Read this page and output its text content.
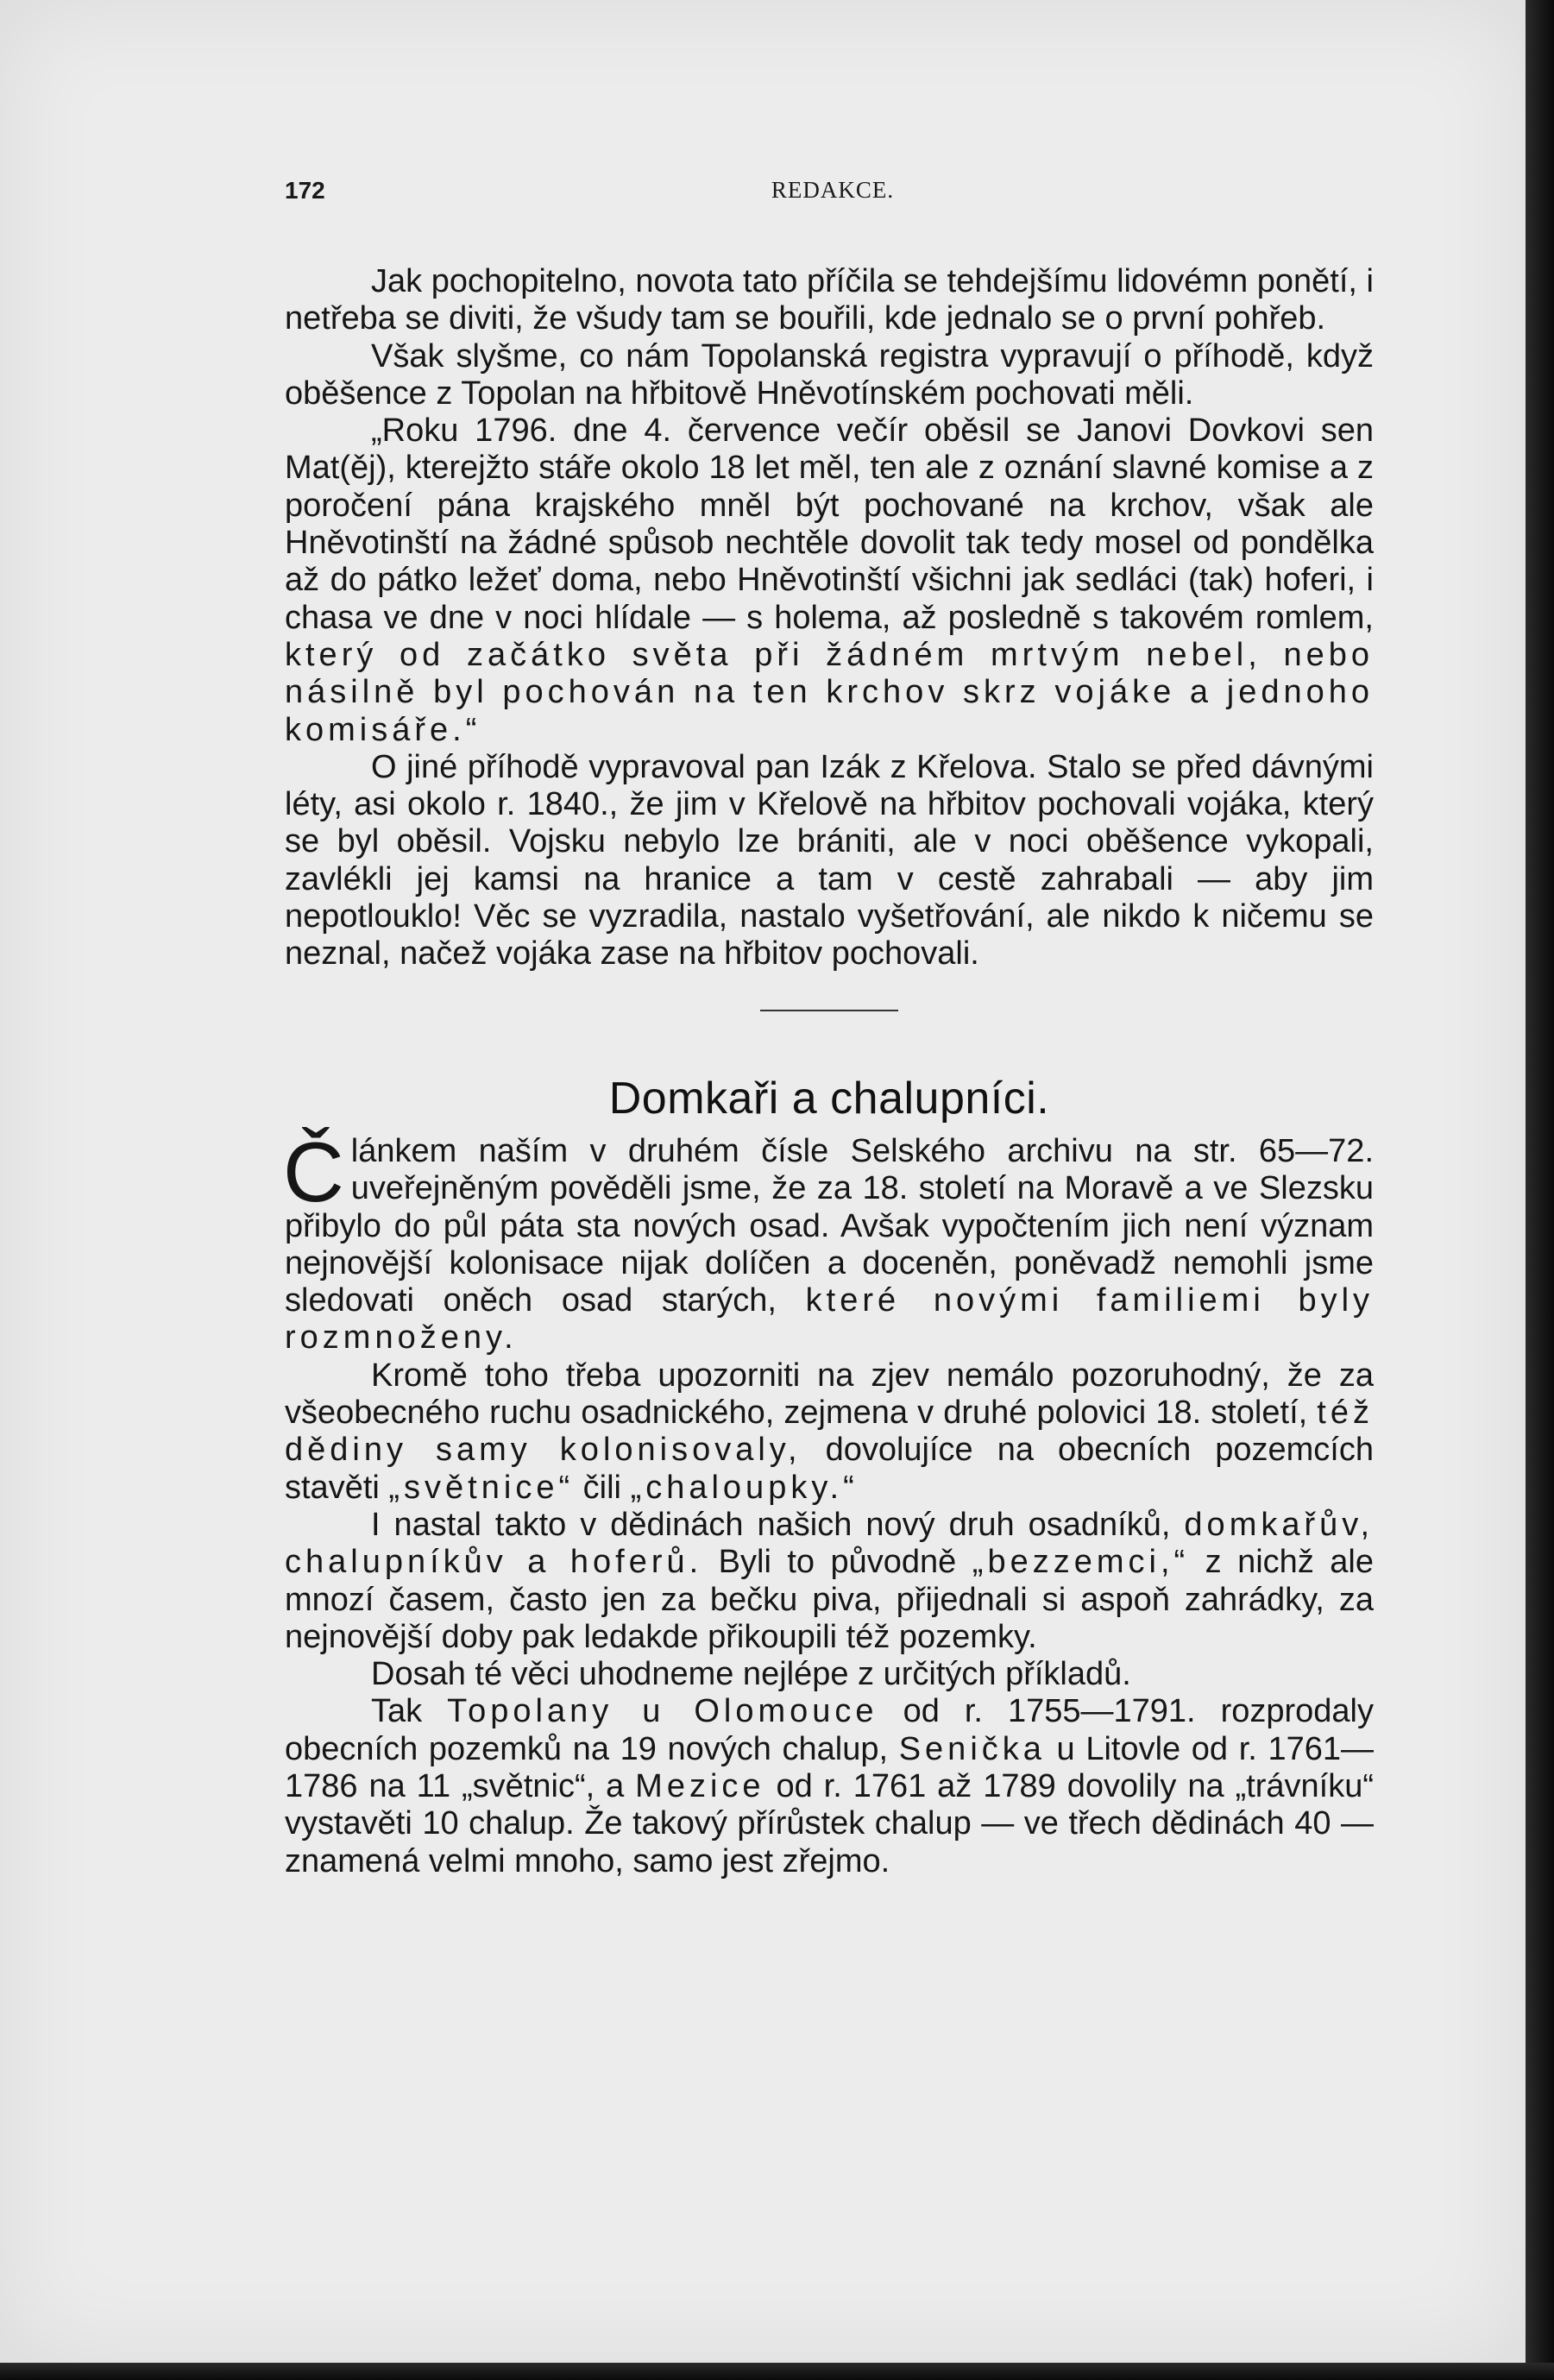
172	REDAKCE.

Jak pochopitelno, novota tato příčila se tehdejšímu lidovémn ponětí, i netřeba se diviti, že všudy tam se bouřili, kde jednalo se o první pohřeb.

Však slyšme, co nám Topolanská registra vypravují o příhodě, když oběšence z Topolan na hřbitově Hněvotínském pochovati měli.

„Roku 1796. dne 4. července večír oběsil se Janovi Dovkovi sen Mat(ěj), kterejžto stáře okolo 18 let měl, ten ale z oznání slavné komise a z poročení pána krajského mněl být pochované na krchov, však ale Hněvotinští na žádné spůsob nechtěle dovolit tak tedy mosel od pondělka až do pátko ležeť doma, nebo Hněvotinští všichni jak sedláci (tak) hoferi, i chasa ve dne v noci hlídale — s holema, až posledně s takovém romlem, který od začátko světa při žádném mrtvým nebel, nebo násilně byl pochován na ten krchov skrz vojáke a jednoho komisáře.“

O jiné příhodě vypravoval pan Izák z Křelova. Stalo se před dávnými léty, asi okolo r. 1840., že jim v Křelově na hřbitov pochovali vojáka, který se byl oběsil. Vojsku nebylo lze brániti, ale v noci oběšence vykopali, zavlékli jej kamsi na hranice a tam v cestě zahrabali — aby jim nepotlouklo! Věc se vyzradila, nastalo vyšetřování, ale nikdo k ničemu se neznal, načež vojáka zase na hřbitov pochovali.

Domkaři a chalupníci.

Článkem naším v druhém čísle Selského archivu na str. 65—72. uveřejněným pověděli jsme, že za 18. století na Moravě a ve Slezsku přibylo do půl páta sta nových osad. Avšak vypočtením jich není význam nejnovější kolonisace nijak dolíčen a doceněn, poněvadž nemohli jsme sledovati oněch osad starých, které novými familiemi byly rozmnoženy.

Kromě toho třeba upozorniti na zjev nemálo pozoruhodný, že za všeobecného ruchu osadnického, zejmena v druhé polovici 18. století, též dědiny samy kolonisovaly, dovolujíce na obecních pozemcích stavěti „světnice“ čili „chaloupky.“

I nastal takto v dědinách našich nový druh osadníků, domkařův, chalupníkův a hoferů. Byli to původně „bezzemci,“ z nichž ale mnozí časem, často jen za bečku piva, přijednali si aspoň zahrádky, za nejnovější doby pak ledakde přikoupili též pozemky.

Dosah té věci uhodneme nejlépe z určitých příkladů.

Tak Topolany u Olomouce od r. 1755—1791. rozprodaly obecních pozemků na 19 nových chalup, Senička u Litovle od r. 1761—1786 na 11 „světnic“, a Mezice od r. 1761 až 1789 dovolily na „trávníku“ vystavěti 10 chalup. Že takový přírůstek chalup — ve třech dědinách 40 — znamená velmi mnoho, samo jest zřejmo.
